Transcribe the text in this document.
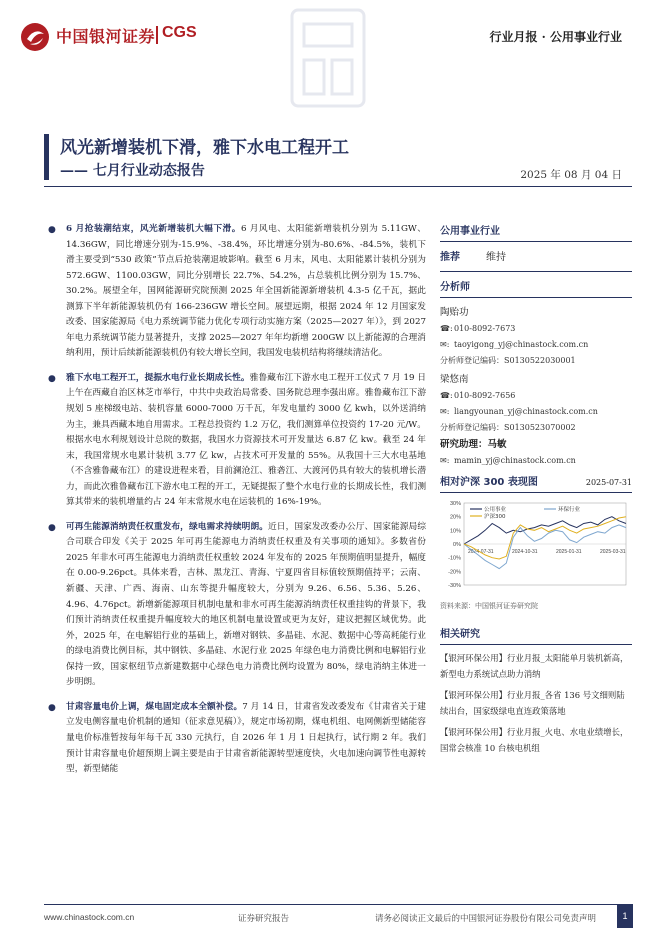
中国银河证券 CGS	行业月报 · 公用事业行业
风光新增装机下滑，雅下水电工程开工
—— 七月行业动态报告	2025 年 08 月 04 日
● 6 月抢装潮结束，风光新增装机大幅下滑。6 月风电、太阳能新增装机分别为 5.11GW、14.36GW，同比增速分别为-15.9%、-38.4%，环比增速分别为-80.6%、-84.5%，装机下滑主要受到“530 政策”节点后抢装潮退坡影响。截至 6 月末，风电、太阳能累计装机分别为 572.6GW、1100.03GW，同比分别增长 22.7%、54.2%，占总装机比例分别为 15.7%、30.2%。展望全年，国网能源研究院预测 2025 年全国新能源新增装机 4.3-5 亿千瓦，据此测算下半年新能源装机仍有 166-236GW 增长空间。展望远期，根据 2024 年 12 月国家发改委、国家能源局《电力系统调节能力优化专项行动实施方案（2025—2027 年）》，到 2027 年电力系统调节能力显著提升，支撑 2025—2027 年年均新增 200GW 以上新能源的合理消纳利用，预计后续新能源装机仍有较大增长空间，我国发电装机结构将继续清洁化。
● 雅下水电工程开工，提振水电行业长期成长性。雅鲁藏布江下游水电工程开工仪式 7 月 19 日上午在西藏自治区林芝市举行，中共中央政治局常委、国务院总理李强出席。雅鲁藏布江下游规划 5 座梯级电站、装机容量 6000-7000 万千瓦，年发电量约 3000 亿 kwh，以外送消纳为主，兼具西藏本地自用需求。工程总投资约 1.2 万亿，我们测算单位投资约 17-20 元/W。根据水电水利规划设计总院的数据，我国水力资源技术可开发量达 6.87 亿 kw。截至 24 年末，我国常规水电累计装机 3.77 亿 kw，占技术可开发量的 55%。从我国十三大水电基地（不含雅鲁藏布江）的建设进程来看，目前澜沧江、雅砻江、大渡河仍具有较大的装机增长潜力，而此次雅鲁藏布江下游水电工程的开工，无疑提振了整个水电行业的长期成长性，我们测算其带来的装机增量约占 24 年末常规水电在运装机的 16%-19%。
● 可再生能源消纳责任权重发布，绿电需求持续明朗。近日，国家发改委办公厅、国家能源局综合司联合印发《关于 2025 年可再生能源电力消纳责任权重及有关事项的通知》。多数省份 2025 年非水可再生能源电力消纳责任权重较 2024 年发布的 2025 年预期值明显提升，幅度在 0.00-9.26pct。具体来看，吉林、黑龙江、青海、宁夏四省目标值较预期值持平；云南、新疆、天津、广西、海南、山东等提升幅度较大，分别为 9.26、6.56、5.36、5.26、4.96、4.76pct。新增新能源项目机制电量和非水可再生能源消纳责任权重挂钩的背景下，我们预计消纳责任权重提升幅度较大的地区机制电量设置或更为友好，建议把握区域优势。此外，2025 年，在电解铝行业的基础上，新增对钢铁、多晶硅、水泥、数据中心等高耗能行业的绿电消费比例目标，其中钢铁、多晶硅、水泥行业 2025 年绿色电力消费比例和电解铝行业保持一致，国家枢纽节点新建数据中心绿色电力消费比例均设置为 80%，绿电消纳主体进一步明朗。
● 甘肃容量电价上调，煤电固定成本全额补偿。7 月 14 日，甘肃省发改委发布《甘肃省关于建立发电侧容量电价机制的通知（征求意见稿）》，规定市场初期，煤电机组、电网侧新型储能容量电价标准暂按每年每千瓦 330 元执行，自 2026 年 1 月 1 日起执行，试行期 2 年。我们预计甘肃容量电价超预期上调主要是由于甘肃省新能源转型速度快，火电加速向调节性电源转型，新型储能
公用事业行业
推荐	维持
分析师
陶贻功
☎:010-8092-7673
✉: taoyigong_yj@chinastock.com.cn
分析师登记编码：S0130522030001
梁悠南
☎:010-8092-7656
✉: liangyounan_yj@chinastock.com.cn
分析师登记编码：S0130523070002
研究助理：马敏
✉: mamin_yj@chinastock.com.cn
相对沪深 300 表现图	2025-07-31
30%
20%
10%
0%
-10%
-20%
-30%
2024-07-31	2024-10-31	2025-01-31	2025-03-31
公用事业	环保行业
沪深300
资料来源：中国银河证券研究院
相关研究
【银河环保公用】行业月报_太阳能单月装机新高，新型电力系统试点助力消纳
【银河环保公用】行业月报_各省 136 号文细则陆续出台，国家级绿电直连政策落地
【银河环保公用】行业月报_火电、水电业绩增长，国常会核准 10 台核电机组
www.chinastock.com.cn	证券研究报告	请务必阅读正文最后的中国银河证券股份有限公司免责声明	1
